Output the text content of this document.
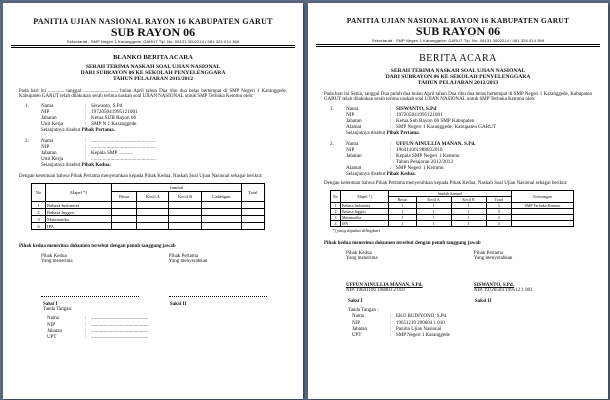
PANITIA UJIAN NASIONAL RAYON 16 KABUPATEN GARUT
SUB RAYON 06
Sekretariat : SMP Negeri 1 Karanggede, GARUT Tlp. No. 08131 3002214 / 081 326 014 369
BLANKO BERITA ACARA
SERAH TERIMA NASKAH SOAL UJIAN NASIONAL
DARI SUBRAYON 06 KE SEKOLAH PENYELENGGARA
TAHUN PELAJARAN 2011/2012
Pada hari ini ............. tanggal ............................ bulan April tahun Dua ribu dua belas bertempat di SMP Negeri 1 Karanggede, Kabupaten GARUT telah dilakukan serah terima naskah soal UJIAN NASIONAL untuk SMP Terbuka Kemmu oleh:
1. Nama	: Siswanto, S.Pd
NIP	: 197205041995121001
Jabatan	: Ketua SUB Rayon 06
Unit Kerja	: SMP N 1 Karanggede
Selanjutnya disebut Pihak Pertama.
2. Nama	: ..................................................
NIP	: ..................................................
Jabatan	: Kepala SMP ...........
Unit Kerja	: ..................................................
Selanjutnya disebut Pihak Kedua.
Dengan ketentuan bahwa Pihak Pertama menyerahkan kepada Pihak Kedua, Naskah Soal Ujian Nasional sebagai berikut:
No	Mapel *)	Jumlah				Total
		Besar	Kecil A	Kecil B	Cadangan	
1	Bahasa Indonesia					
2	Bahasa Inggris					
3	Matematika					
4	IPA					
Pihak kedua menerima dokumen tersebut dengan penuh tanggung jawab
Pihak Kedua
Yang menerima
Pihak Pertama
Yang menyerahkan
Saksi I	Saksi II
Tanda Tangan:
Nama	: ..............................................
NIP	: ..............................................
Jabatan	: ..............................................
UPT	: ..............................................
PANITIA UJIAN NASIONAL RAYON 16 KABUPATEN GARUT
SUB RAYON 06
Sekretariat : SMP Negeri 1 Karanggede, GARUT Tlp. No. 08131 3002214 / 081 326 014 369
BERITA ACARA
SERAH TERIMA NASKAH SOAL UJIAN NASIONAL
DARI SUBRAYON 06 KE SEKOLAH PENYELENGGARA
TAHUN PELAJARAN 2012/2013
Pada hari ini Senin, tanggal Dua puluh dua bulan April tahun Dua ribu dua belas bertempat di SMP Negeri 1 Karanggede, Kabupaten GARUT telah dilakukan serah terima naskah soal UJIAN NASIONAL untuk SMP Terbuka Kemmu oleh:
1. Nama	: SISWANTO, S.Pd
NIP	: 197205041995121001
Jabatan	: Ketua Sub Rayon 06 SMP Kabupaten
Alamat	: SMP Negeri 1 Karanggede, Kabupaten GARUT
Selanjutnya disebut Pihak Pertama.
2. Nama	: UFFUN AINULLIA MANAN, S.Pd.
NIP	: 196411061988032010
Jabatan	: Kepala SMP Negeri 1 Kemmu
Tahun Pelajaran 2012/2013
Alamat	: SMP Negeri 1 Kemmu
Selanjutnya disebut Pihak Kedua.
Dengan ketentuan bahwa Pihak Pertama menyerahkan kepada Pihak Kedua, Naskah Soal Ujian Nasional sebagai berikut:
No	Mapel *)	Jumlah Sampul				Keterangan
		Besar	Kecil A	Kecil B	Total	
1	Bahasa Indonesia	1	1	1	3	SMP Terbuka Kemmu
2	Bahasa Inggris	1	1	1	3	
3	Matematika	1	1	1	3	
4	IPA	1	1	1	3	
*) yang dipakai dilingkari
Pihak kedua menerima dokumen tersebut dengan penuh tanggung jawab
Pihak Kedua
Yang menerima
UFFUN AINULLIA MANAN, S.Pd.
NIP. 19641106 198803 2 010
Pihak Pertama
Yang menyerahkan
SISWANTO, S.Pd.
NIP. 19720504 199512 1 001
Saksi I	Saksi II
Tanda Tangan :
Nama	: EKO BUDIYONO, S.Pd.
NIP	: 19651210 200604 1 010
Jabatan	: Panitia Ujian Nasional
UPT	: SMP Negeri 1 Karanggede
